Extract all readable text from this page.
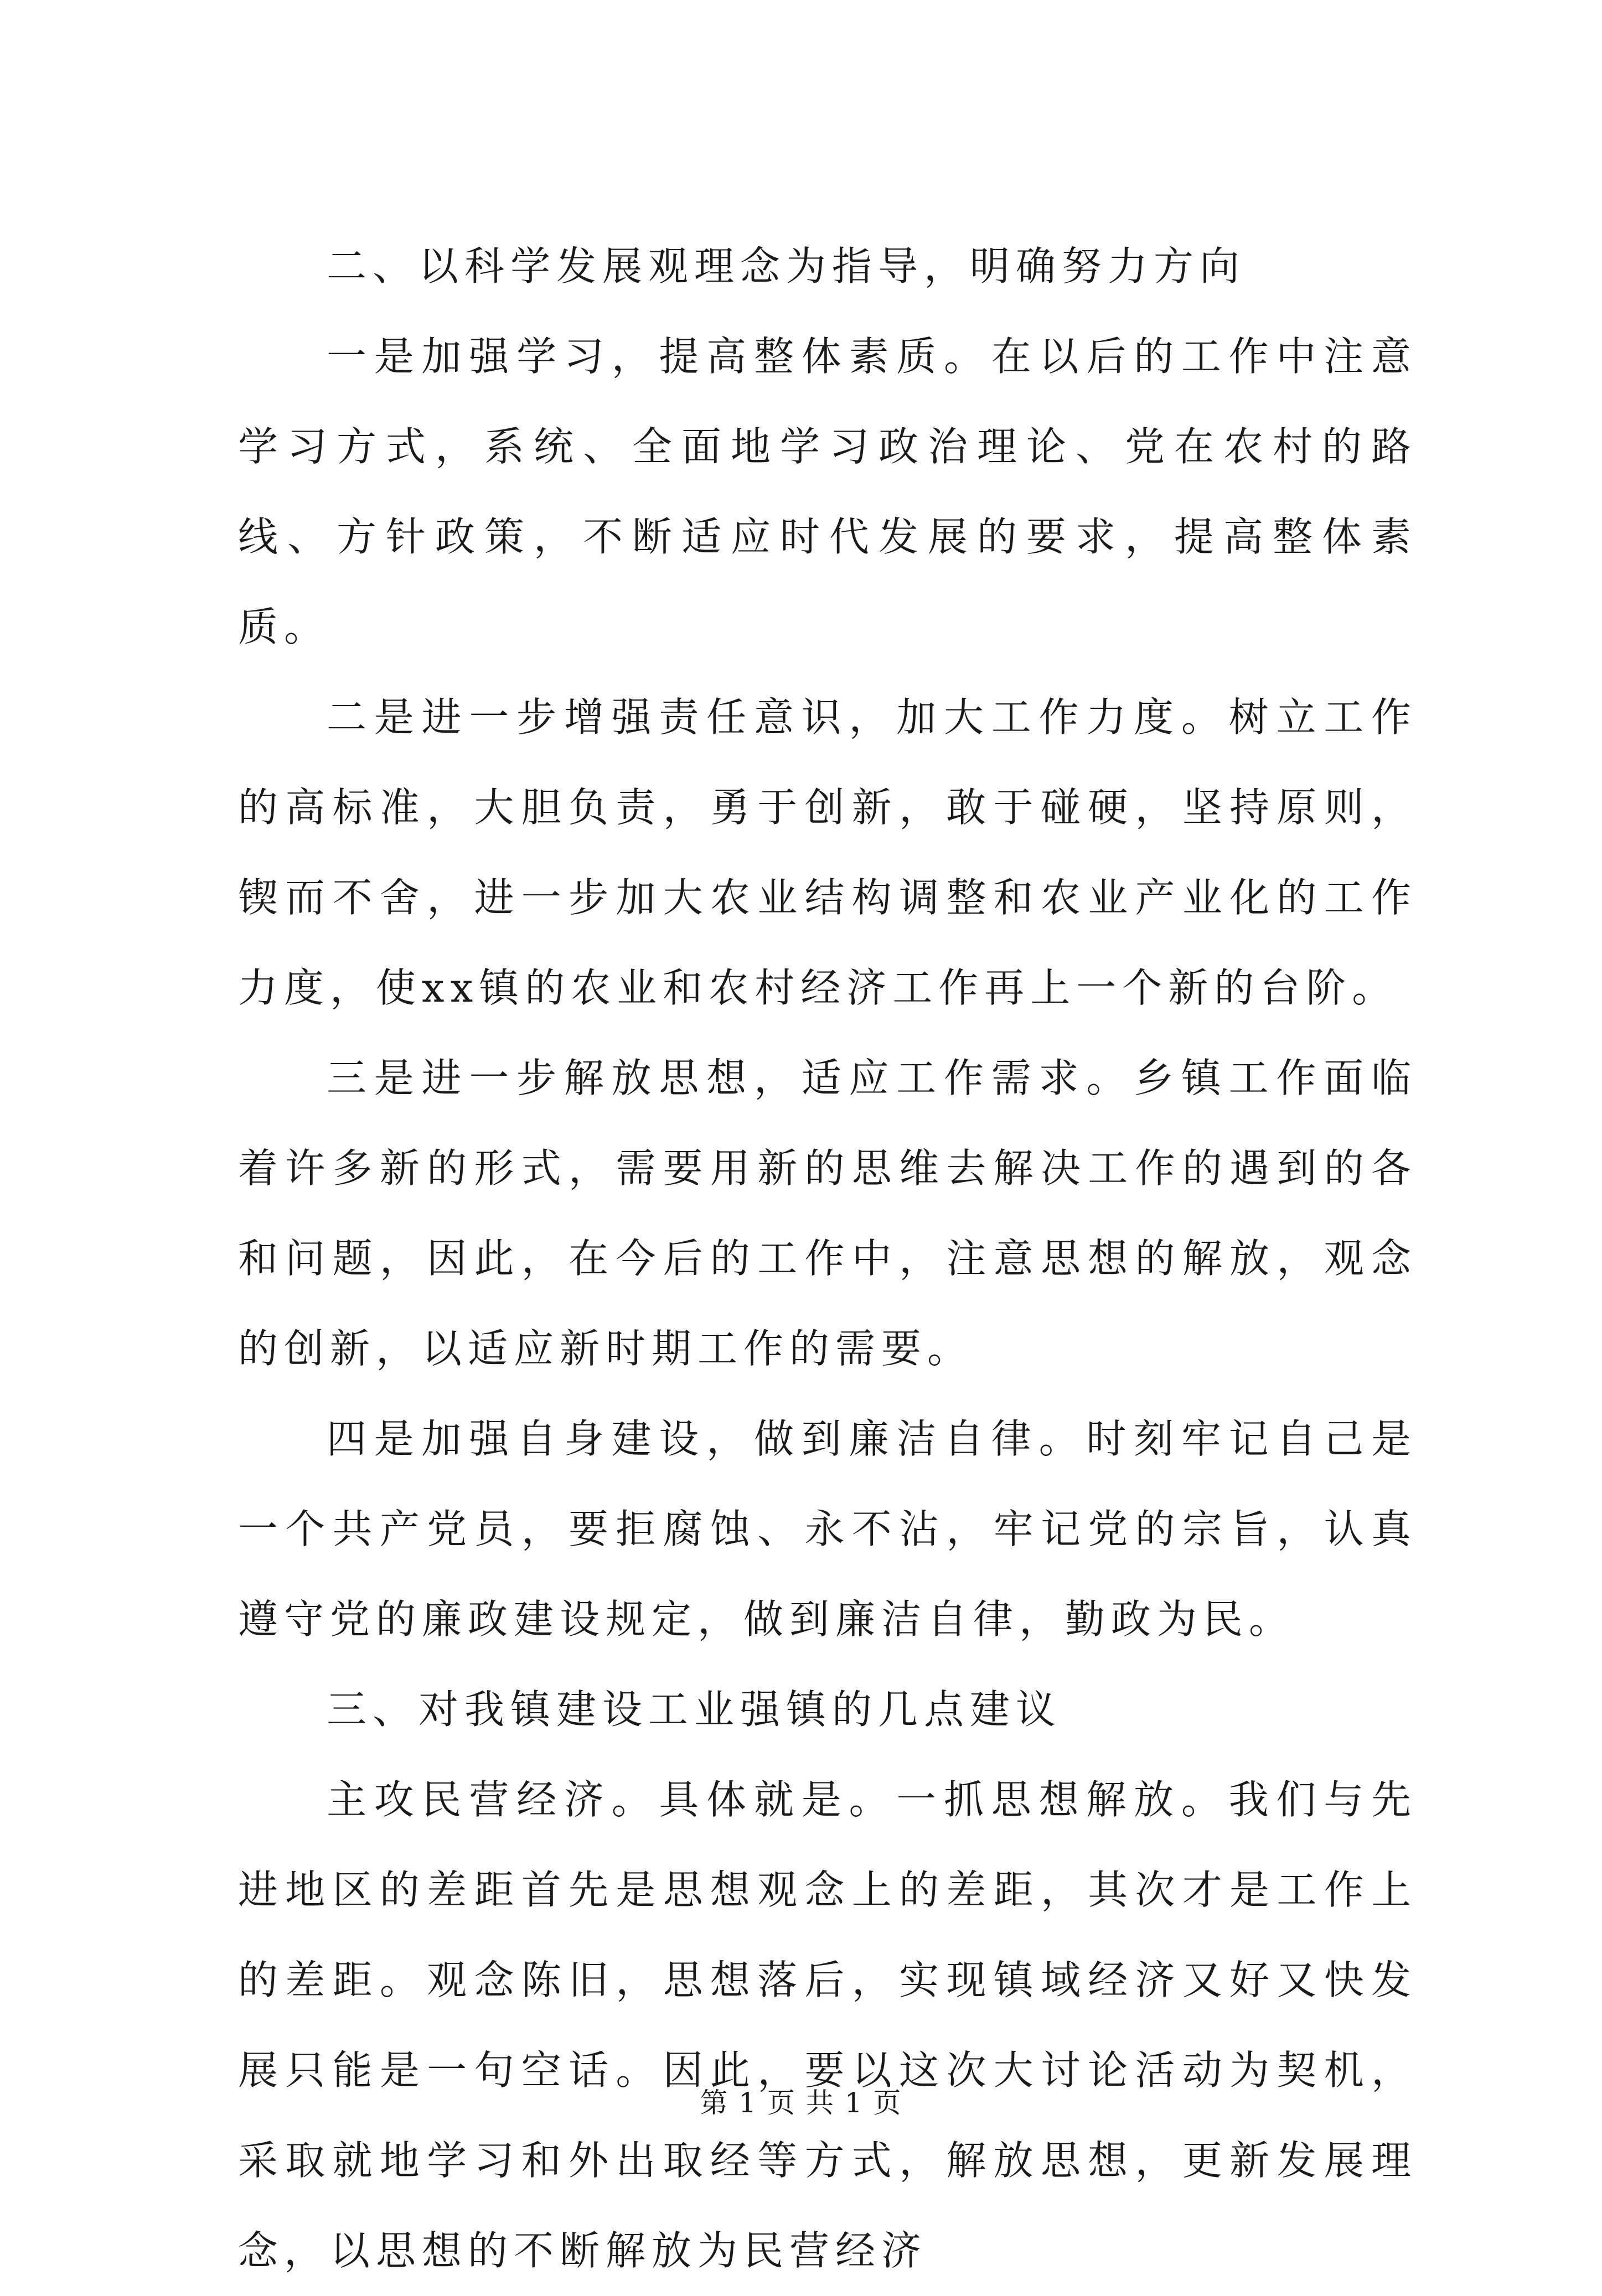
二、以科学发展观理念为指导，明确努力方向

一是加强学习，提高整体素质。在以后的工作中注意学习方式，系统、全面地学习政治理论、党在农村的路线、方针政策，不断适应时代发展的要求，提高整体素质。

二是进一步增强责任意识，加大工作力度。树立工作的高标准，大胆负责，勇于创新，敢于碰硬，坚持原则，锲而不舍，进一步加大农业结构调整和农业产业化的工作力度，使xx镇的农业和农村经济工作再上一个新的台阶。

三是进一步解放思想，适应工作需求。乡镇工作面临着许多新的形式，需要用新的思维去解决工作的遇到的各和问题，因此，在今后的工作中，注意思想的解放，观念的创新，以适应新时期工作的需要。

四是加强自身建设，做到廉洁自律。时刻牢记自己是一个共产党员，要拒腐蚀、永不沾，牢记党的宗旨，认真遵守党的廉政建设规定，做到廉洁自律，勤政为民。

三、对我镇建设工业强镇的几点建议

主攻民营经济。具体就是。一抓思想解放。我们与先进地区的差距首先是思想观念上的差距，其次才是工作上的差距。观念陈旧，思想落后，实现镇域经济又好又快发展只能是一句空话。因此，要以这次大讨论活动为契机，采取就地学习和外出取经等方式，解放思想，更新发展理念，以思想的不断解放为民营经济

第 1 页 共 1 页
